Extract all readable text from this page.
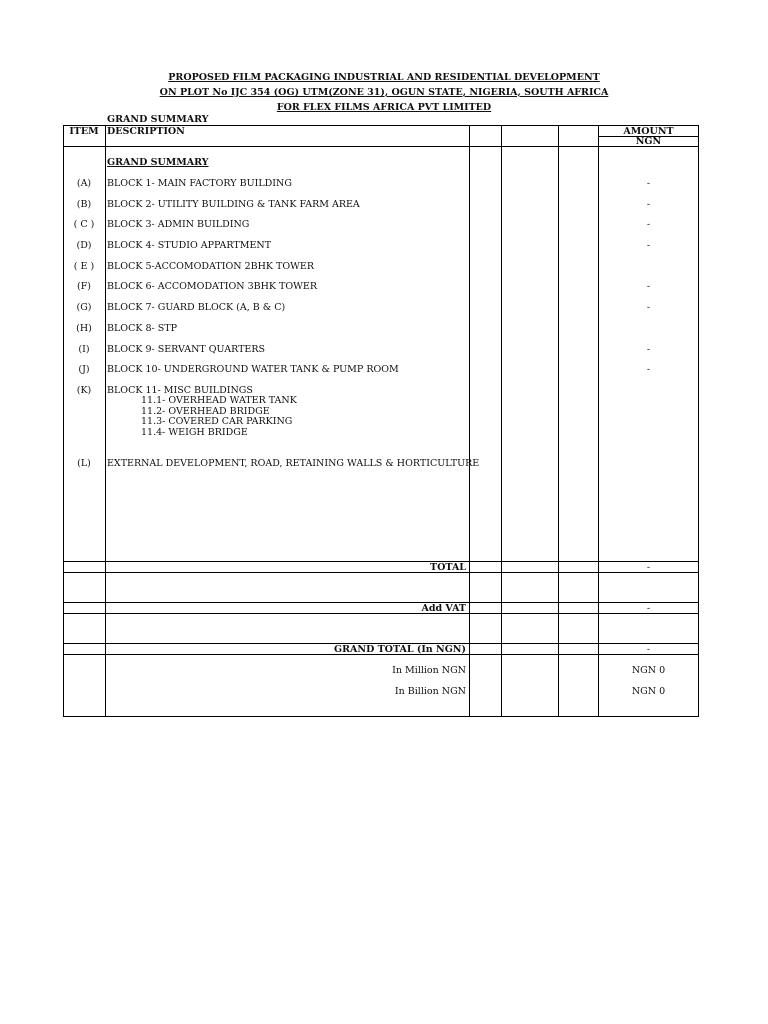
PROPOSED FILM PACKAGING INDUSTRIAL AND RESIDENTIAL DEVELOPMENT
ON PLOT No IJC 354 (OG) UTM(ZONE 31), OGUN STATE, NIGERIA, SOUTH AFRICA
FOR FLEX FILMS AFRICA PVT LIMITED
GRAND SUMMARY
ITEM DESCRIPTION	AMOUNT
NGN
GRAND SUMMARY
(A)	BLOCK 1- MAIN FACTORY BUILDING	-
(B)	BLOCK 2- UTILITY BUILDING & TANK FARM AREA	-
( C )	BLOCK 3- ADMIN BUILDING	-
(D)	BLOCK 4- STUDIO APPARTMENT	-
( E )	BLOCK 5-ACCOMODATION 2BHK TOWER
(F)	BLOCK 6- ACCOMODATION 3BHK TOWER	-
(G)	BLOCK 7- GUARD BLOCK (A, B & C)	-
(H)	BLOCK 8- STP
(I)	BLOCK 9- SERVANT QUARTERS	-
(J)	BLOCK 10- UNDERGROUND WATER TANK & PUMP ROOM	-
(K)	BLOCK 11- MISC BUILDINGS
11.1- OVERHEAD WATER TANK
11.2- OVERHEAD BRIDGE
11.3- COVERED CAR PARKING
11.4- WEIGH BRIDGE
(L)	EXTERNAL DEVELOPMENT, ROAD, RETAINING WALLS & HORTICULTURE
TOTAL	-
Add VAT	-
GRAND TOTAL (In NGN)	-
In Million NGN	NGN 0
In Billion NGN	NGN 0
